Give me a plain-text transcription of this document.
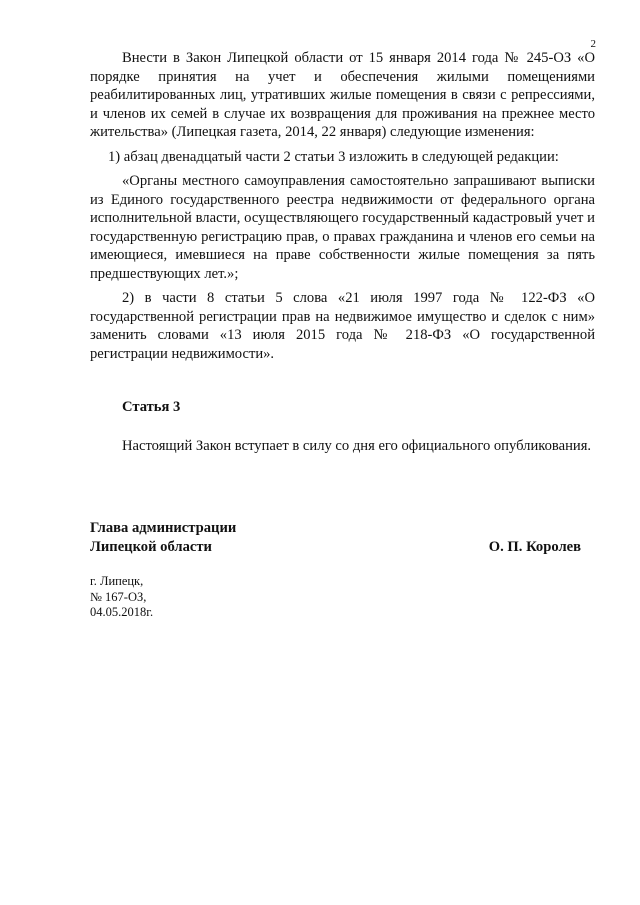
2

Внести в Закон Липецкой области от 15 января 2014 года № 245-ОЗ «О порядке принятия на учет и обеспечения жилыми помещениями реабилитированных лиц, утративших жилые помещения в связи с репрессиями, и членов их семей в случае их возвращения для проживания на прежнее место жительства» (Липецкая газета, 2014, 22 января) следующие изменения:

1) абзац двенадцатый части 2 статьи 3 изложить в следующей редакции:

«Органы местного самоуправления самостоятельно запрашивают выписки из Единого государственного реестра недвижимости от федерального органа исполнительной власти, осуществляющего государственный кадастровый учет и государственную регистрацию прав, о правах гражданина и членов его семьи на имеющиеся, имевшиеся на праве собственности жилые помещения за пять предшествующих лет.»;

2) в части 8 статьи 5 слова «21 июля 1997 года № 122-ФЗ «О государственной регистрации прав на недвижимое имущество и сделок с ним» заменить словами «13 июля 2015 года № 218-ФЗ «О государственной регистрации недвижимости».

Статья 3

Настоящий Закон вступает в силу со дня его официального опубликования.

Глава администрации
Липецкой области	О. П. Королев
г. Липецк,
№ 167-ОЗ,
04.05.2018г.
